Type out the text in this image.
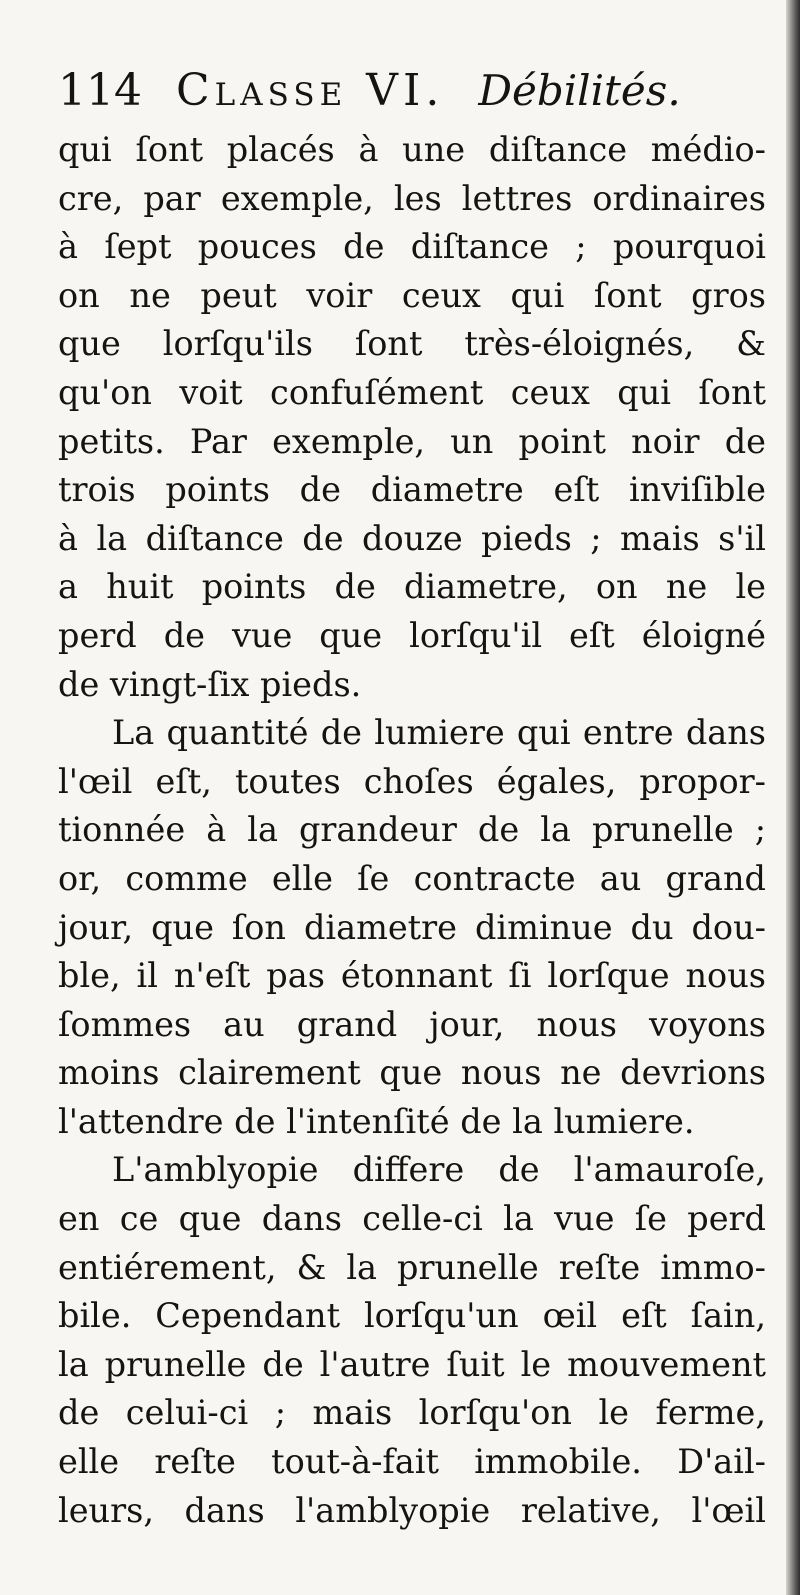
114 Classe VI. Débilités.
qui ſont placés à une diſtance médio-
cre, par exemple, les lettres ordinaires
à ſept pouces de diſtance ; pourquoi
on ne peut voir ceux qui ſont gros
que lorſqu'ils ſont très-éloignés, &
qu'on voit confuſément ceux qui ſont
petits. Par exemple, un point noir de
trois points de diametre eſt inviſible
à la diſtance de douze pieds ; mais s'il
a huit points de diametre, on ne le
perd de vue que lorſqu'il eſt éloigné
de vingt-ſix pieds.
La quantité de lumiere qui entre dans
l'œil eſt, toutes choſes égales, propor-
tionnée à la grandeur de la prunelle ;
or, comme elle ſe contracte au grand
jour, que ſon diametre diminue du dou-
ble, il n'eſt pas étonnant ſi lorſque nous
ſommes au grand jour, nous voyons
moins clairement que nous ne devrions
l'attendre de l'intenſité de la lumiere.
L'amblyopie differe de l'amauroſe,
en ce que dans celle-ci la vue ſe perd
entiérement, & la prunelle reſte immo-
bile. Cependant lorſqu'un œil eſt ſain,
la prunelle de l'autre ſuit le mouvement
de celui-ci ; mais lorſqu'on le ferme,
elle reſte tout-à-fait immobile. D'ail-
leurs, dans l'amblyopie relative, l'œil
